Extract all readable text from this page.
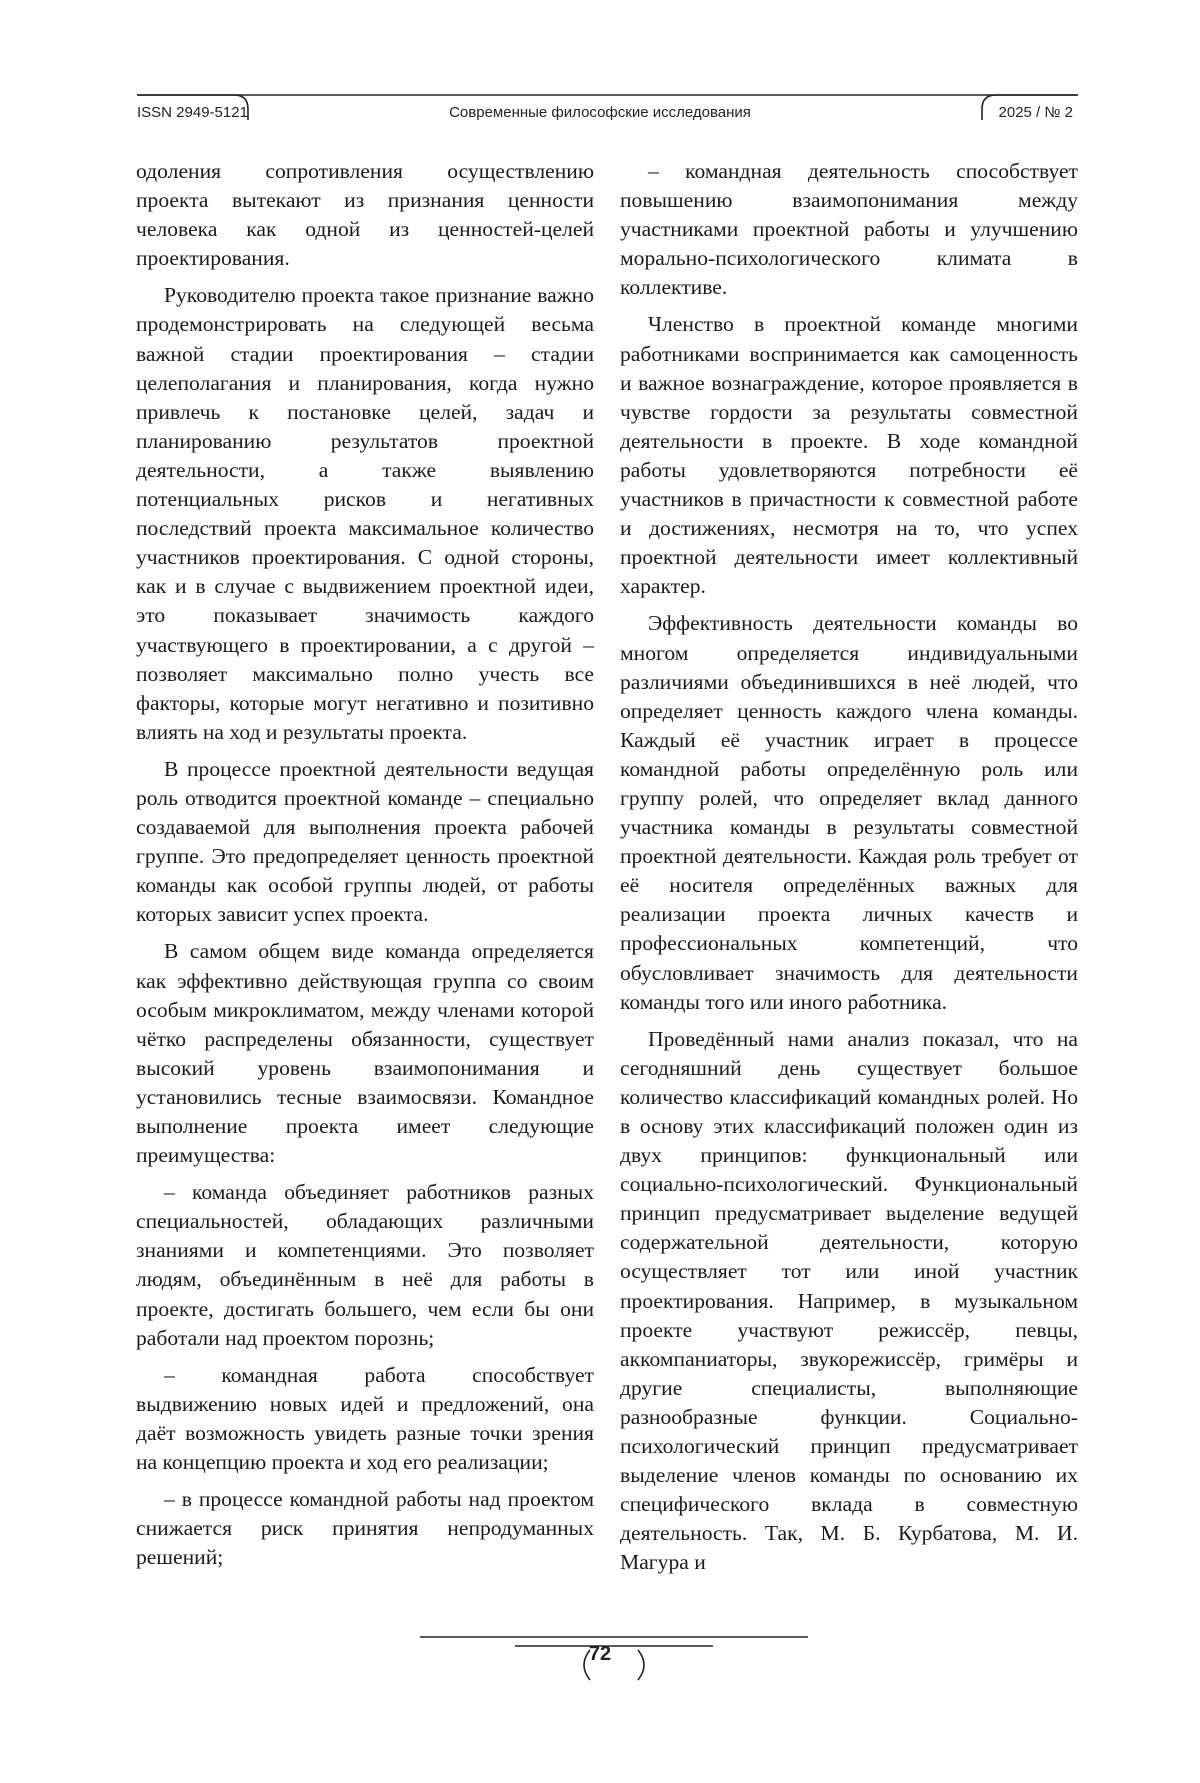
ISSN 2949-5121	Современные философские исследования	2025 / № 2

одоления сопротивления осуществлению проекта вытекают из признания ценности человека как одной из ценностей-целей проектирования.

Руководителю проекта такое признание важно продемонстрировать на следующей весьма важной стадии проектирования – стадии целеполагания и планирования, когда нужно привлечь к постановке целей, задач и планированию результатов проектной деятельности, а также выявлению потенциальных рисков и негативных последствий проекта максимальное количество участников проектирования. С одной стороны, как и в случае с выдвижением проектной идеи, это показывает значимость каждого участвующего в проектировании, а с другой – позволяет максимально полно учесть все факторы, которые могут негативно и позитивно влиять на ход и результаты проекта.

В процессе проектной деятельности ведущая роль отводится проектной команде – специально создаваемой для выполнения проекта рабочей группе. Это предопределяет ценность проектной команды как особой группы людей, от работы которых зависит успех проекта.

В самом общем виде команда определяется как эффективно действующая группа со своим особым микроклиматом, между членами которой чётко распределены обязанности, существует высокий уровень взаимопонимания и установились тесные взаимосвязи. Командное выполнение проекта имеет следующие преимущества:

– команда объединяет работников разных специальностей, обладающих различными знаниями и компетенциями. Это позволяет людям, объединённым в неё для работы в проекте, достигать большего, чем если бы они работали над проектом порознь;

– командная работа способствует выдвижению новых идей и предложений, она даёт возможность увидеть разные точки зрения на концепцию проекта и ход его реализации;

– в процессе командной работы над проектом снижается риск принятия непродуманных решений;

– командная деятельность способствует повышению взаимопонимания между участниками проектной работы и улучшению морально-психологического климата в коллективе.

Членство в проектной команде многими работниками воспринимается как самоценность и важное вознаграждение, которое проявляется в чувстве гордости за результаты совместной деятельности в проекте. В ходе командной работы удовлетворяются потребности её участников в причастности к совместной работе и достижениях, несмотря на то, что успех проектной деятельности имеет коллективный характер.

Эффективность деятельности команды во многом определяется индивидуальными различиями объединившихся в неё людей, что определяет ценность каждого члена команды. Каждый её участник играет в процессе командной работы определённую роль или группу ролей, что определяет вклад данного участника команды в результаты совместной проектной деятельности. Каждая роль требует от её носителя определённых важных для реализации проекта личных качеств и профессиональных компетенций, что обусловливает значимость для деятельности команды того или иного работника.

Проведённый нами анализ показал, что на сегодняшний день существует большое количество классификаций командных ролей. Но в основу этих классификаций положен один из двух принципов: функциональный или социально-психологический. Функциональный принцип предусматривает выделение ведущей содержательной деятельности, которую осуществляет тот или иной участник проектирования. Например, в музыкальном проекте участвуют режиссёр, певцы, аккомпаниаторы, звукорежиссёр, гримёры и другие специалисты, выполняющие разнообразные функции. Социально-психологический принцип предусматривает выделение членов команды по основанию их специфического вклада в совместную деятельность. Так, М. Б. Курбатова, М. И. Магура и

72
